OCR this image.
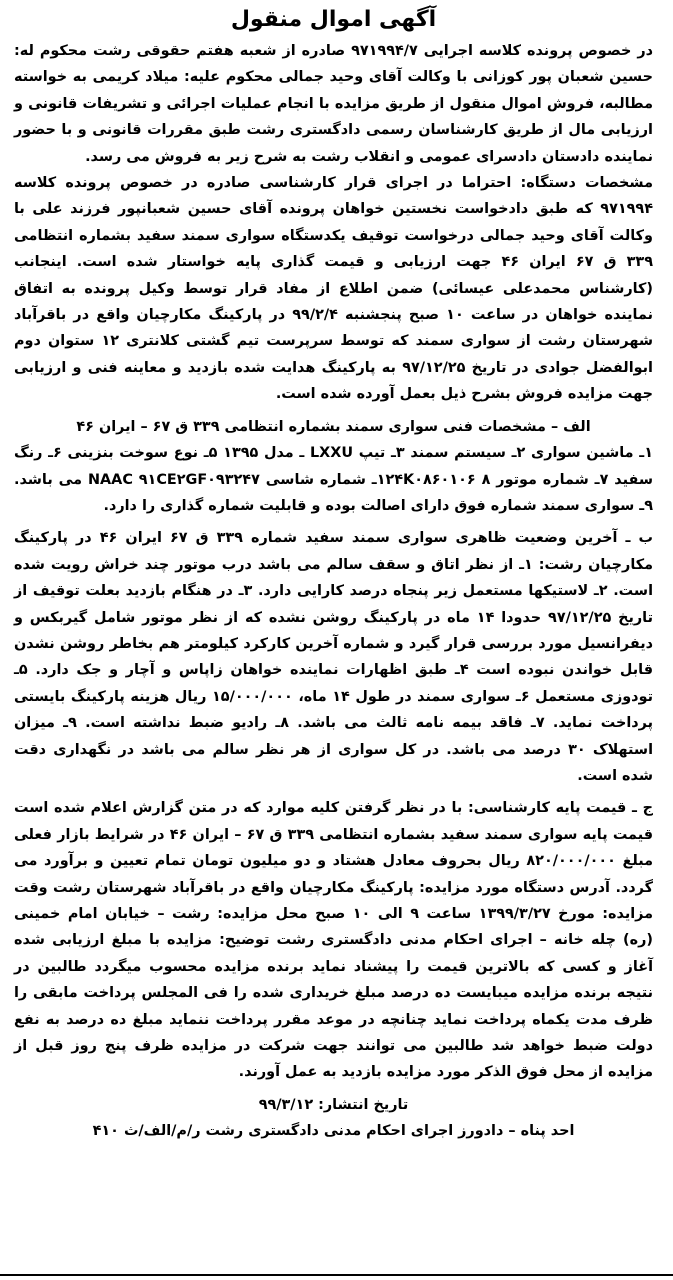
آگهی اموال منقول

در خصوص پرونده کلاسه اجرایی ۹۷۱۹۹۴/۷ صادره از شعبه هفتم حقوقی رشت محکوم له: حسین شعبان پور کوزانی با وکالت آقای وحید جمالی محکوم علیه: میلاد کریمی به خواسته مطالبه، فروش اموال منقول از طریق مزایده با انجام عملیات اجرائی و تشریفات قانونی و ارزیابی مال از طریق کارشناسان رسمی دادگستری رشت طبق مقررات قانونی و با حضور نماینده دادستان دادسرای عمومی و انقلاب رشت به شرح زیر به فروش می رسد.

مشخصات دستگاه: احتراما در اجرای قرار کارشناسی صادره در خصوص پرونده کلاسه ۹۷۱۹۹۴ که طبق دادخواست نخستین خواهان پرونده آقای حسین شعبانپور فرزند علی با وکالت آقای وحید جمالی درخواست توقیف یکدستگاه سواری سمند سفید بشماره انتظامی ۳۳۹ ق ۶۷ ایران ۴۶ جهت ارزیابی و قیمت گذاری پایه خواستار شده است. اینجانب (کارشناس محمدعلی عیسائی) ضمن اطلاع از مفاد قرار توسط وکیل پرونده به اتفاق نماینده خواهان در ساعت ۱۰ صبح پنجشنبه ۹۹/۲/۴ در پارکینگ مکارچیان واقع در باقرآباد شهرستان رشت از سواری سمند که توسط سرپرست تیم گشتی کلانتری ۱۲ ستوان دوم ابوالفضل جوادی در تاریخ ۹۷/۱۲/۲۵ به پارکینگ هدایت شده بازدید و معاینه فنی و ارزیابی جهت مزایده فروش بشرح ذیل بعمل آورده شده است.

الف – مشخصات فنی سواری سمند بشماره انتظامی ۳۳۹ ق ۶۷ – ایران ۴۶

۱ـ ماشین سواری ۲ـ سیستم سمند ۳ـ تیپ LXXU ـ مدل ۱۳۹۵ ۵ـ نوع سوخت بنزینی ۶ـ رنگ سفید ۷ـ شماره موتور ۸ ۱۲۴K۰۸۶۰۱۰۶ـ شماره شاسی NAAC ۹۱CE۲GF۰۹۳۲۴۷ می باشد. ۹ـ سواری سمند شماره فوق دارای اصالت بوده و قابلیت شماره گذاری را دارد.

ب ـ آخرین وضعیت ظاهری سواری سمند سفید شماره ۳۳۹ ق ۶۷ ایران ۴۶ در پارکینگ مکارچیان رشت: ۱ـ از نظر اتاق و سقف سالم می باشد درب موتور چند خراش رویت شده است. ۲ـ لاستیکها مستعمل زیر پنجاه درصد کارایی دارد. ۳ـ در هنگام بازدید بعلت توقیف از تاریخ ۹۷/۱۲/۲۵ حدودا ۱۴ ماه در پارکینگ روشن نشده که از نظر موتور شامل گیربکس و دیفرانسیل مورد بررسی قرار گیرد و شماره آخرین کارکرد کیلومتر هم بخاطر روشن نشدن قابل خواندن نبوده است ۴ـ طبق اظهارات نماینده خواهان زاپاس و آچار و جک دارد. ۵ـ تودوزی مستعمل ۶ـ سواری سمند در طول ۱۴ ماه، ۱۵/۰۰۰/۰۰۰ ریال هزینه پارکینگ بایستی پرداخت نماید. ۷ـ فاقد بیمه نامه ثالث می باشد. ۸ـ رادیو ضبط نداشته است. ۹ـ میزان استهلاک ۳۰ درصد می باشد. در کل سواری از هر نظر سالم می باشد در نگهداری دقت شده است.

ج ـ قیمت پایه کارشناسی: با در نظر گرفتن کلیه موارد که در متن گزارش اعلام شده است قیمت پایه سواری سمند سفید بشماره انتظامی ۳۳۹ ق ۶۷ – ایران ۴۶ در شرایط بازار فعلی مبلغ ۸۲۰/۰۰۰/۰۰۰ ریال بحروف معادل هشتاد و دو میلیون تومان تمام تعیین و برآورد می گردد. آدرس دستگاه مورد مزایده: پارکینگ مکارچیان واقع در باقرآباد شهرستان رشت وقت مزایده: مورخ ۱۳۹۹/۳/۲۷ ساعت ۹ الی ۱۰ صبح محل مزایده: رشت – خیابان امام خمینی (ره) چله خانه – اجرای احکام مدنی دادگستری رشت توضیح: مزایده با مبلغ ارزیابی شده آغاز و کسی که بالاترین قیمت را پیشناد نماید برنده مزایده محسوب میگردد طالبین در نتیجه برنده مزایده میبایست ده درصد مبلغ خریداری شده را فی المجلس پرداخت مابقی را ظرف مدت یکماه پرداخت نماید چنانچه در موعد مقرر پرداخت ننماید مبلغ ده درصد به نفع دولت ضبط خواهد شد طالبین می توانند جهت شرکت در مزایده ظرف پنج روز قبل از مزایده از محل فوق الذکر مورد مزایده بازدید به عمل آورند.

تاریخ انتشار: ۹۹/۳/۱۲
احد پناه – دادورز اجرای احکام مدنی دادگستری رشت ر/م/الف/ث ۴۱۰
